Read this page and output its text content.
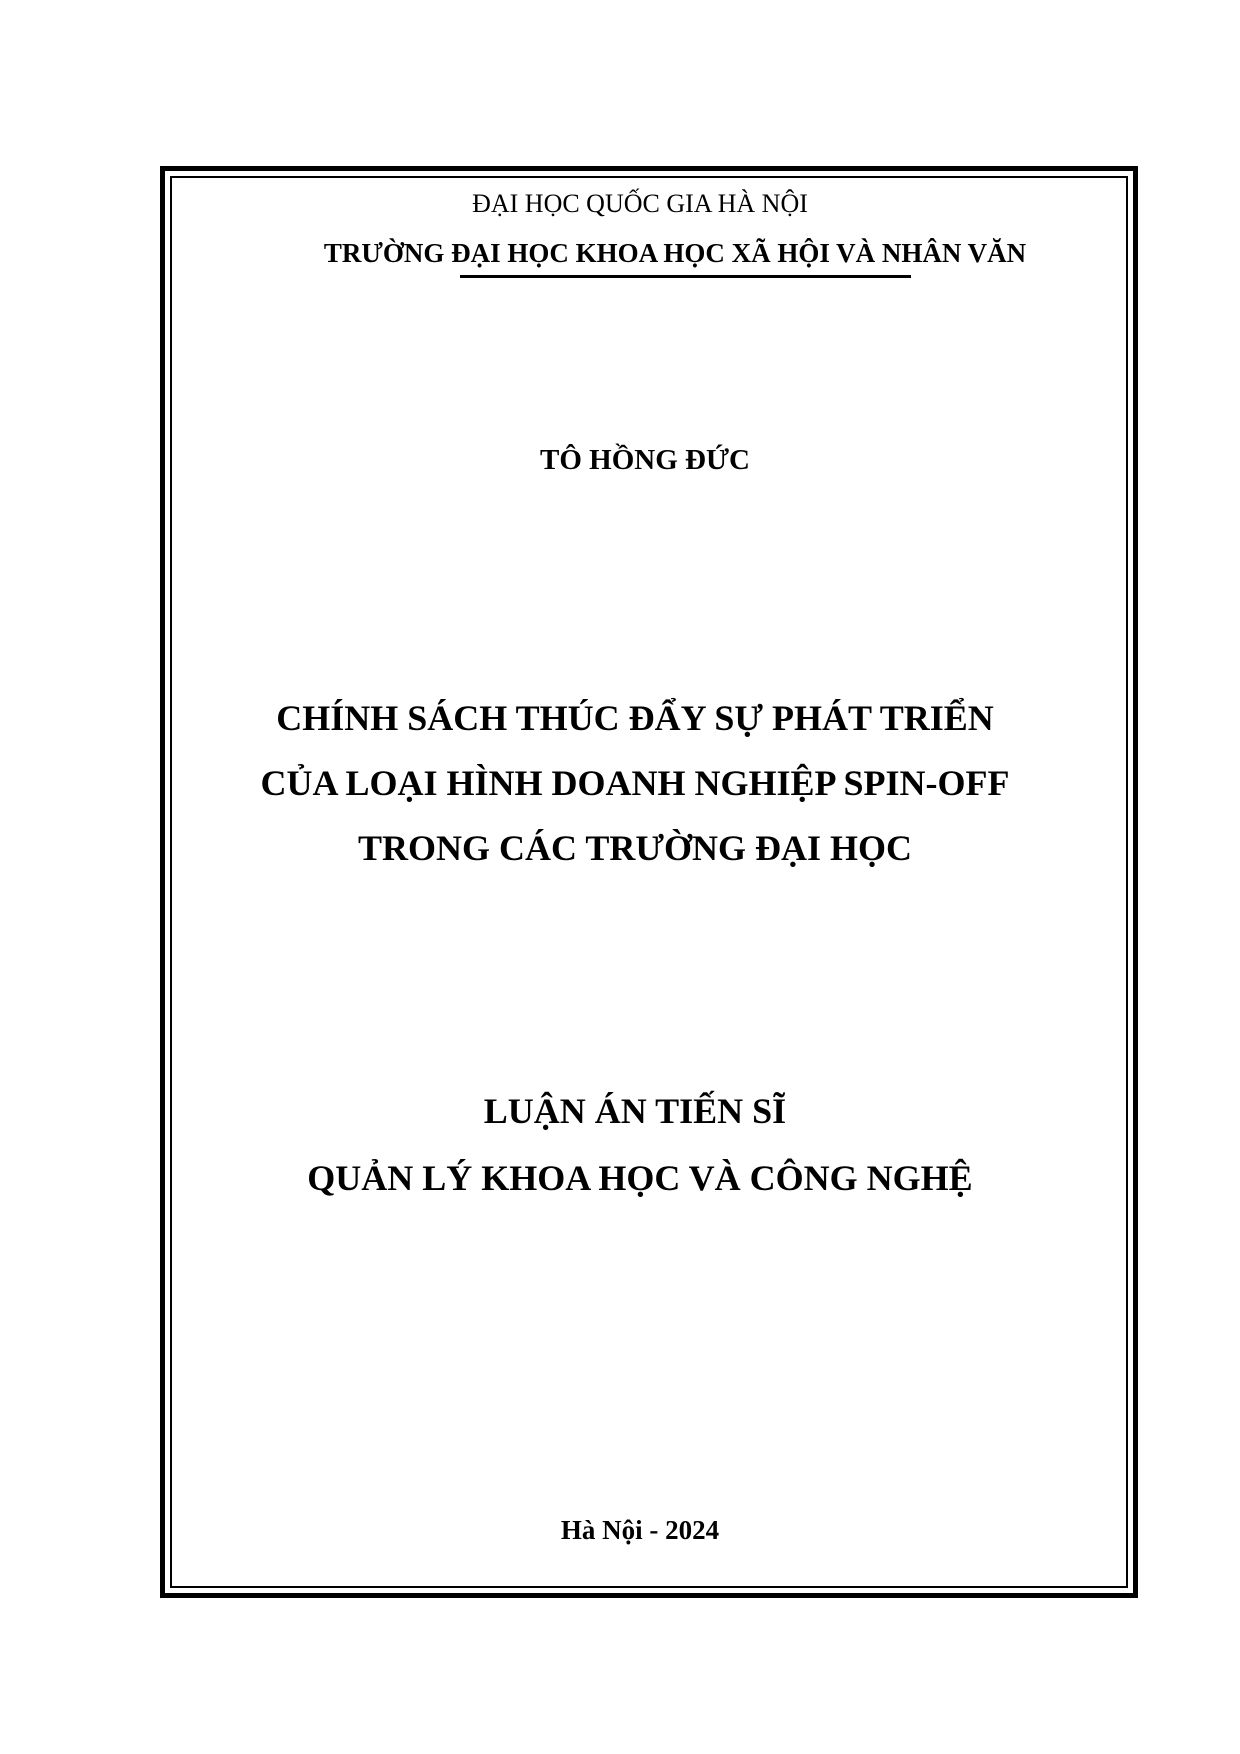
ĐẠI HỌC QUỐC GIA HÀ NỘI
TRƯỜNG ĐẠI HỌC KHOA HỌC XÃ HỘI VÀ NHÂN VĂN
TÔ HỒNG ĐỨC
CHÍNH SÁCH THÚC ĐẨY SỰ PHÁT TRIỂN
CỦA LOẠI HÌNH DOANH NGHIỆP SPIN-OFF
TRONG CÁC TRƯỜNG ĐẠI HỌC
LUẬN ÁN TIẾN SĨ
QUẢN LÝ KHOA HỌC VÀ CÔNG NGHỆ
Hà Nội - 2024
